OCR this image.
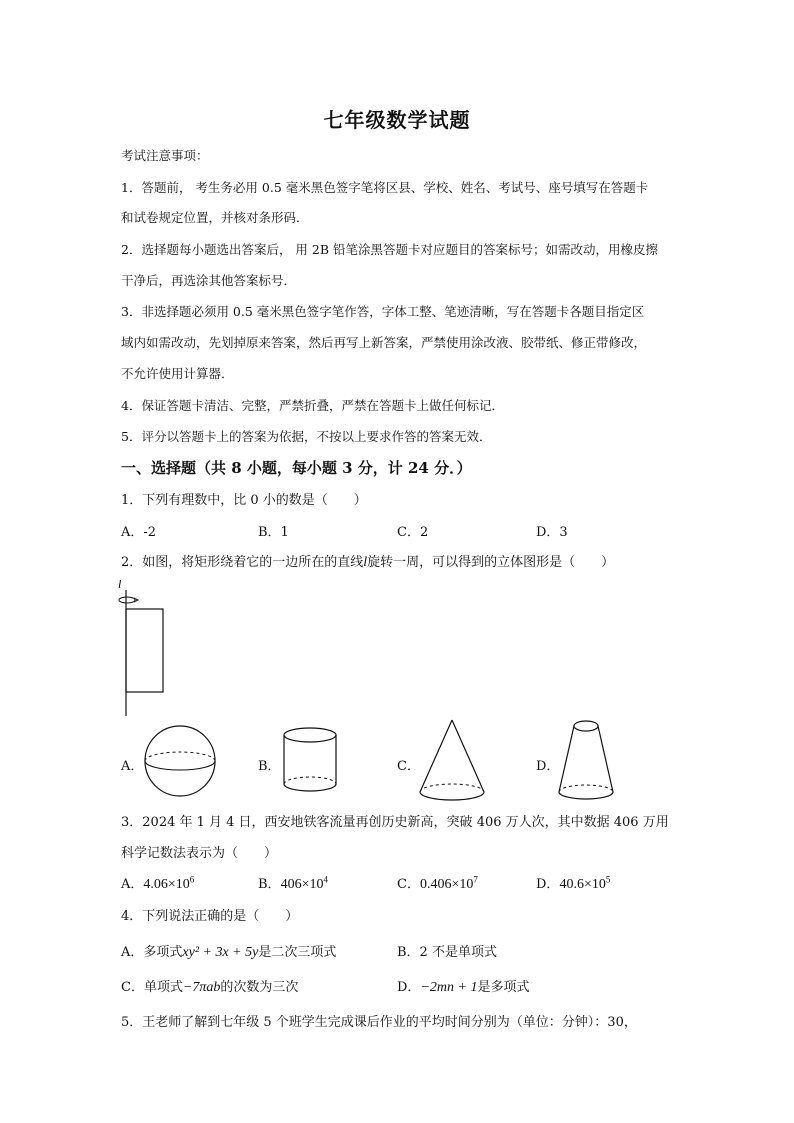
七年级数学试题
考试注意事项：
1．答题前， 考生务必用 0.5 毫米黑色签字笔将区县、学校、姓名、考试号、座号填写在答题卡
和试卷规定位置，并核对条形码．
2．选择题每小题选出答案后， 用 2B 铅笔涂黑答题卡对应题目的答案标号；如需改动，用橡皮擦
干净后，再选涂其他答案标号．
3．非选择题必须用 0.5 毫米黑色签字笔作答，字体工整、笔迹清晰，写在答题卡各题目指定区
域内如需改动，先划掉原来答案，然后再写上新答案，严禁使用涂改液、胶带纸、修正带修改，
不允许使用计算器．
4．保证答题卡清洁、完整，严禁折叠，严禁在答题卡上做任何标记．
5．评分以答题卡上的答案为依据，不按以上要求作答的答案无效．
一、选择题（共 8 小题，每小题 3 分，计 24 分．）
1．下列有理数中，比 0 小的数是（　　）
A．-2	B．1	C．2	D．3
2．如图，将矩形绕着它的一边所在的直线l旋转一周，可以得到的立体图形是（　　）
l
A．	B．	C．	D．
3．2024 年 1 月 4 日，西安地铁客流量再创历史新高，突破 406 万人次，其中数据 406 万用
科学记数法表示为（　　）
A．$4.06\times 10^6$	B．$406\times 10^4$	C．$0.406\times 10^7$	D．$40.6\times 10^5$
4．下列说法正确的是（　　）
A．多项式xy² + 3x + 5y是二次三项式	B．2 不是单项式
C．单项式−7πab的次数为三次	D．−2mn + 1是多项式
5．王老师了解到七年级 5 个班学生完成课后作业的平均时间分别为（单位：分钟）：30，
